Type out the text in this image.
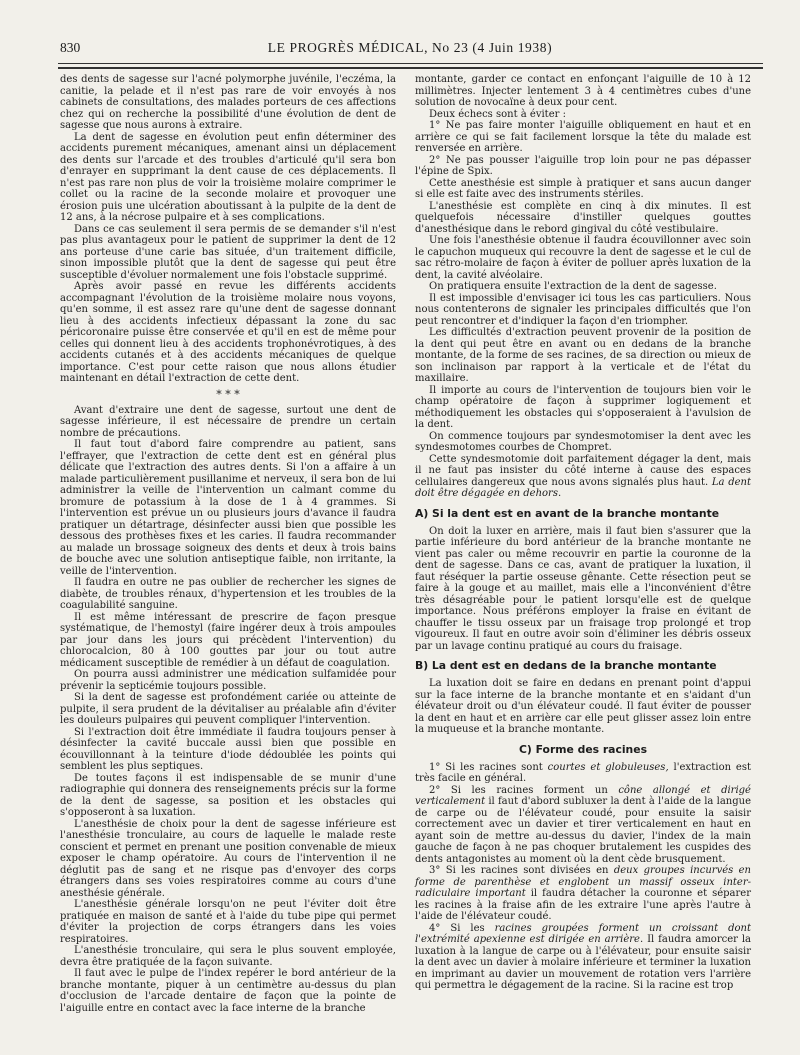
830	LE PROGRÈS MÉDICAL, No 23 (4 Juin 1938)

des dents de sagesse sur l'acné polymorphe juvénile, l'eczéma, la canitie, la pelade et il n'est pas rare de voir envoyés à nos cabinets de consultations, des malades porteurs de ces affections chez qui on recherche la possibilité d'une évolution de dent de sagesse que nous aurons à extraire.

La dent de sagesse en évolution peut enfin déterminer des accidents purement mécaniques, amenant ainsi un déplacement des dents sur l'arcade et des troubles d'articulé qu'il sera bon d'enrayer en supprimant la dent cause de ces déplacements. Il n'est pas rare non plus de voir la troisième molaire comprimer le collet ou la racine de la seconde molaire et provoquer une érosion puis une ulcération aboutissant à la pulpite de la dent de 12 ans, à la nécrose pulpaire et à ses complications.

Dans ce cas seulement il sera permis de se demander s'il n'est pas plus avantageux pour le patient de supprimer la dent de 12 ans porteuse d'une carie bas située, d'un traitement difficile, sinon impossible plutôt que la dent de sagesse qui peut être susceptible d'évoluer normalement une fois l'obstacle supprimé.

Après avoir passé en revue les différents accidents accompagnant l'évolution de la troisième molaire nous voyons, qu'en somme, il est assez rare qu'une dent de sagesse donnant lieu à des accidents infectieux dépassant la zone du sac péricoronaire puisse être conservée et qu'il en est de même pour celles qui donnent lieu à des accidents trophonévrotiques, à des accidents cutanés et à des accidents mécaniques de quelque importance. C'est pour cette raison que nous allons étudier maintenant en détail l'extraction de cette dent.

* * *

Avant d'extraire une dent de sagesse, surtout une dent de sagesse inférieure, il est nécessaire de prendre un certain nombre de précautions.

Il faut tout d'abord faire comprendre au patient, sans l'effrayer, que l'extraction de cette dent est en général plus délicate que l'extraction des autres dents. Si l'on a affaire à un malade particulièrement pusillanime et nerveux, il sera bon de lui administrer la veille de l'intervention un calmant comme du bromure de potassium à la dose de 1 à 4 grammes. Si l'intervention est prévue un ou plusieurs jours d'avance il faudra pratiquer un détartrage, désinfecter aussi bien que possible les dessous des prothèses fixes et les caries. Il faudra recommander au malade un brossage soigneux des dents et deux à trois bains de bouche avec une solution antiseptique faible, non irritante, la veille de l'intervention.

Il faudra en outre ne pas oublier de rechercher les signes de diabète, de troubles rénaux, d'hypertension et les troubles de la coagulabilité sanguine.

Il est même intéressant de prescrire de façon presque systématique, de l'hemostyl (faire ingérer deux à trois ampoules par jour dans les jours qui précèdent l'intervention) du chlorocalcion, 80 à 100 gouttes par jour ou tout autre médicament susceptible de remédier à un défaut de coagulation.

On pourra aussi administrer une médication sulfamidée pour prévenir la septicémie toujours possible.

Si la dent de sagesse est profondément cariée ou atteinte de pulpite, il sera prudent de la dévitaliser au préalable afin d'éviter les douleurs pulpaires qui peuvent compliquer l'intervention.

Si l'extraction doit être immédiate il faudra toujours penser à désinfecter la cavité buccale aussi bien que possible en écouvillonnant à la teinture d'iode dédoublée les points qui semblent les plus septiques.

De toutes façons il est indispensable de se munir d'une radiographie qui donnera des renseignements précis sur la forme de la dent de sagesse, sa position et les obstacles qui s'opposeront à sa luxation.

L'anesthésie de choix pour la dent de sagesse inférieure est l'anesthésie tronculaire, au cours de laquelle le malade reste conscient et permet en prenant une position convenable de mieux exposer le champ opératoire. Au cours de l'intervention il ne déglutit pas de sang et ne risque pas d'envoyer des corps étrangers dans ses voies respiratoires comme au cours d'une anesthésie générale.

L'anesthésie générale lorsqu'on ne peut l'éviter doit être pratiquée en maison de santé et à l'aide du tube pipe qui permet d'éviter la projection de corps étrangers dans les voies respiratoires.

L'anesthésie tronculaire, qui sera le plus souvent employée, devra être pratiquée de la façon suivante.

Il faut avec le pulpe de l'index repérer le bord antérieur de la branche montante, piquer à un centimètre au-dessus du plan d'occlusion de l'arcade dentaire de façon que la pointe de l'aiguille entre en contact avec la face interne de la branche

montante, garder ce contact en enfonçant l'aiguille de 10 à 12 millimètres. Injecter lentement 3 à 4 centimètres cubes d'une solution de novocaïne à deux pour cent.

Deux échecs sont à éviter :

1° Ne pas faire monter l'aiguille obliquement en haut et en arrière ce qui se fait facilement lorsque la tête du malade est renversée en arrière.

2° Ne pas pousser l'aiguille trop loin pour ne pas dépasser l'épine de Spix.

Cette anesthésie est simple à pratiquer et sans aucun danger si elle est faite avec des instruments stériles.

L'anesthésie est complète en cinq à dix minutes. Il est quelquefois nécessaire d'instiller quelques gouttes d'anesthésique dans le rebord gingival du côté vestibulaire.

Une fois l'anesthésie obtenue il faudra écouvillonner avec soin le capuchon muqueux qui recouvre la dent de sagesse et le cul de sac rétro-molaire de façon à éviter de polluer après luxation de la dent, la cavité alvéolaire.

On pratiquera ensuite l'extraction de la dent de sagesse.

Il est impossible d'envisager ici tous les cas particuliers. Nous nous contenterons de signaler les principales difficultés que l'on peut rencontrer et d'indiquer la façon d'en triompher.

Les difficultés d'extraction peuvent provenir de la position de la dent qui peut être en avant ou en dedans de la branche montante, de la forme de ses racines, de sa direction ou mieux de son inclinaison par rapport à la verticale et de l'état du maxillaire.

Il importe au cours de l'intervention de toujours bien voir le champ opératoire de façon à supprimer logiquement et méthodiquement les obstacles qui s'opposeraient à l'avulsion de la dent.

On commence toujours par syndesmotomiser la dent avec les syndesmotomes courbes de Chompret.

Cette syndesmotomie doit parfaitement dégager la dent, mais il ne faut pas insister du côté interne à cause des espaces cellulaires dangereux que nous avons signalés plus haut. La dent doit être dégagée en dehors.

A) Si la dent est en avant de la branche montante

On doit la luxer en arrière, mais il faut bien s'assurer que la partie inférieure du bord antérieur de la branche montante ne vient pas caler ou même recouvrir en partie la couronne de la dent de sagesse. Dans ce cas, avant de pratiquer la luxation, il faut réséquer la partie osseuse gênante. Cette résection peut se faire à la gouge et au maillet, mais elle a l'inconvénient d'être très désagréable pour le patient lorsqu'elle est de quelque importance. Nous préférons employer la fraise en évitant de chauffer le tissu osseux par un fraisage trop prolongé et trop vigoureux. Il faut en outre avoir soin d'éliminer les débris osseux par un lavage continu pratiqué au cours du fraisage.

B) La dent est en dedans de la branche montante

La luxation doit se faire en dedans en prenant point d'appui sur la face interne de la branche montante et en s'aidant d'un élévateur droit ou d'un élévateur coudé. Il faut éviter de pousser la dent en haut et en arrière car elle peut glisser assez loin entre la muqueuse et la branche montante.

C) Forme des racines

1° Si les racines sont courtes et globuleuses, l'extraction est très facile en général.

2° Si les racines forment un cône allongé et dirigé verticalement il faut d'abord subluxer la dent à l'aide de la langue de carpe ou de l'élévateur coudé, pour ensuite la saisir correctement avec un davier et tirer verticalement en haut en ayant soin de mettre au-dessus du davier, l'index de la main gauche de façon à ne pas choquer brutalement les cuspides des dents antagonistes au moment où la dent cède brusquement.

3° Si les racines sont divisées en deux groupes incurvés en forme de parenthèse et englobent un massif osseux inter-radiculaire important il faudra détacher la couronne et séparer les racines à la fraise afin de les extraire l'une après l'autre à l'aide de l'élévateur coudé.

4° Si les racines groupées forment un croissant dont l'extrémité apexienne est dirigée en arrière. Il faudra amorcer la luxation à la langue de carpe ou à l'élévateur, pour ensuite saisir la dent avec un davier à molaire inférieure et terminer la luxation en imprimant au davier un mouvement de rotation vers l'arrière qui permettra le dégagement de la racine. Si la racine est trop
